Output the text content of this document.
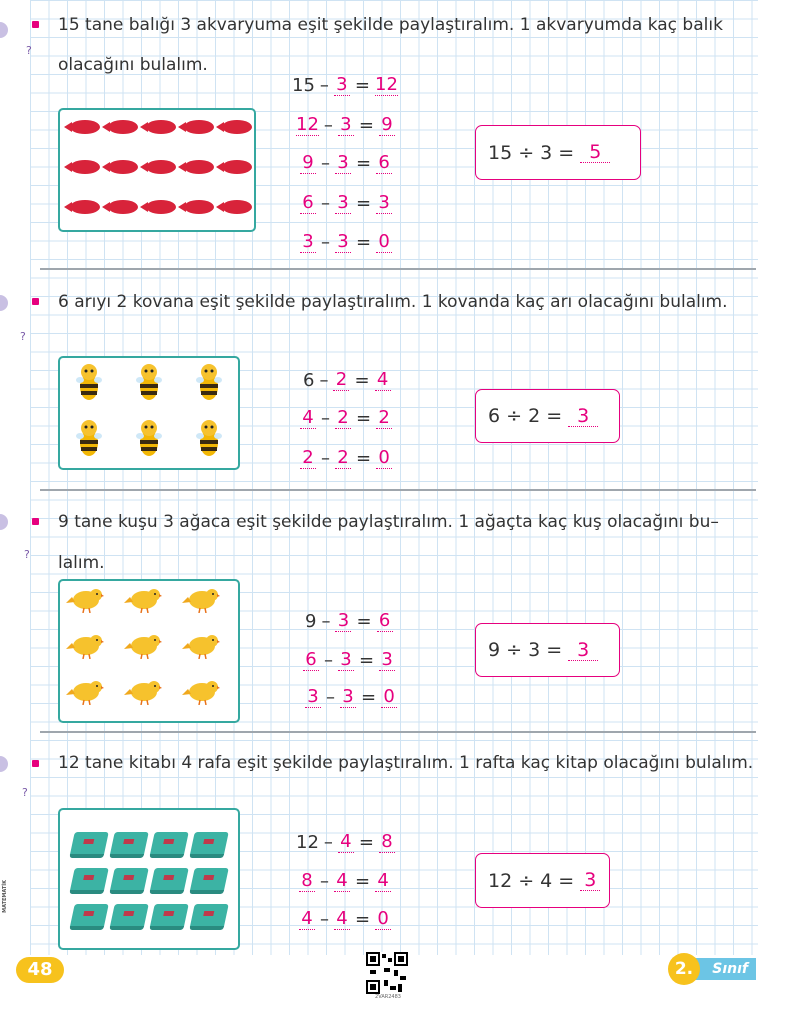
MATEMATİK
?
15 tane balığı 3 akvaryuma eşit şekilde paylaştıralım. 1 akvaryumda kaç balık
olacağını bulalım.
15 – 3 = 12
12 – 3 = 9
9 – 3 = 6
6 – 3 = 3
3 – 3 = 0
15 ÷ 3 = 5
?
6 arıyı 2 kovana eşit şekilde paylaştıralım. 1 kovanda kaç arı olacağını bulalım.
6 – 2 = 4
4 – 2 = 2
2 – 2 = 0
6 ÷ 2 = 3
?
9 tane kuşu 3 ağaca eşit şekilde paylaştıralım. 1 ağaçta kaç kuş olacağını bu–
lalım.
9 – 3 = 6
6 – 3 = 3
3 – 3 = 0
9 ÷ 3 = 3
?
12 tane kitabı 4 rafa eşit şekilde paylaştıralım. 1 rafta kaç kitap olacağını bulalım.
12 – 4 = 8
8 – 4 = 4
4 – 4 = 0
12 ÷ 4 = 3
48
2VAR2483
2.	Sınıf
